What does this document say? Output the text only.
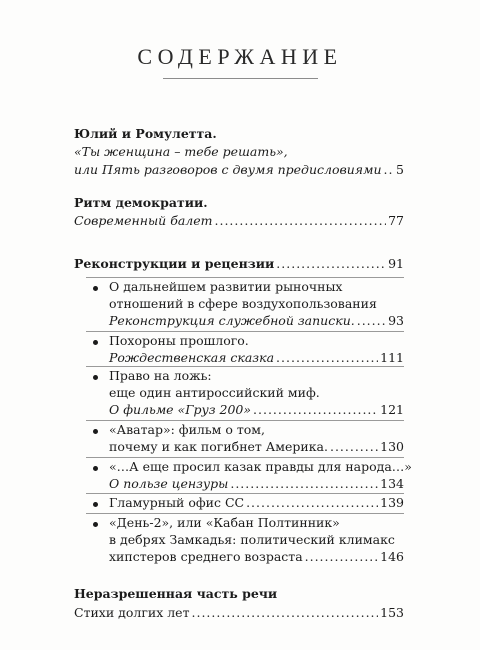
СОДЕРЖАНИЕ
Юлий и Ромулетта.
«Ты женщина – тебе решать»,
или Пять разговоров с двумя предисловиями ..... 5
Ритм демократии.
Современный балет .....	77
Реконструкции и рецензии .....	91
О дальнейшем развитии рыночных
отношений в сфере воздухопользования
Реконструкция служебной записки. .....	93
Похороны прошлого.
Рождественская сказка .....	111
Право на ложь:
еще один антироссийский миф.
О фильме «Груз 200» .....	121
«Аватар»: фильм о том,
почему и как погибнет Америка. .....	130
«…А еще просил казак правды для народа…»
О пользе цензуры .....	134
Гламурный офис СС .....	139
«День-2», или «Кабан Полтинник»
в дебрях Замкадья: политический климакс
хипстеров среднего возраста .....	146
Неразрешенная часть речи
Стихи долгих лет .....	153
